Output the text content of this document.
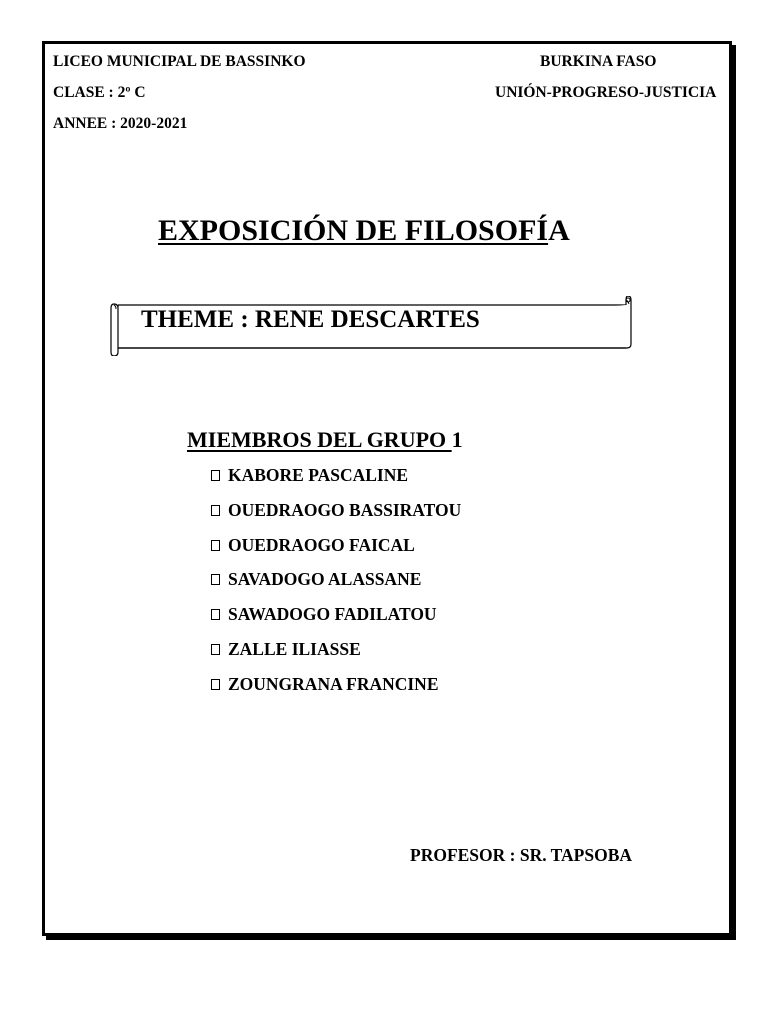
LICEO MUNICIPAL DE BASSINKO
CLASE : 2º C
ANNEE : 2020-2021
BURKINA FASO
UNIÓN-PROGRESO-JUSTICIA
EXPOSICIÓN DE FILOSOFÍA
THEME : RENE DESCARTES
MIEMBROS DEL GRUPO 1
KABORE PASCALINE
OUEDRAOGO BASSIRATOU
OUEDRAOGO FAICAL
SAVADOGO ALASSANE
SAWADOGO FADILATOU
ZALLE ILIASSE
ZOUNGRANA FRANCINE
PROFESOR : SR. TAPSOBA
